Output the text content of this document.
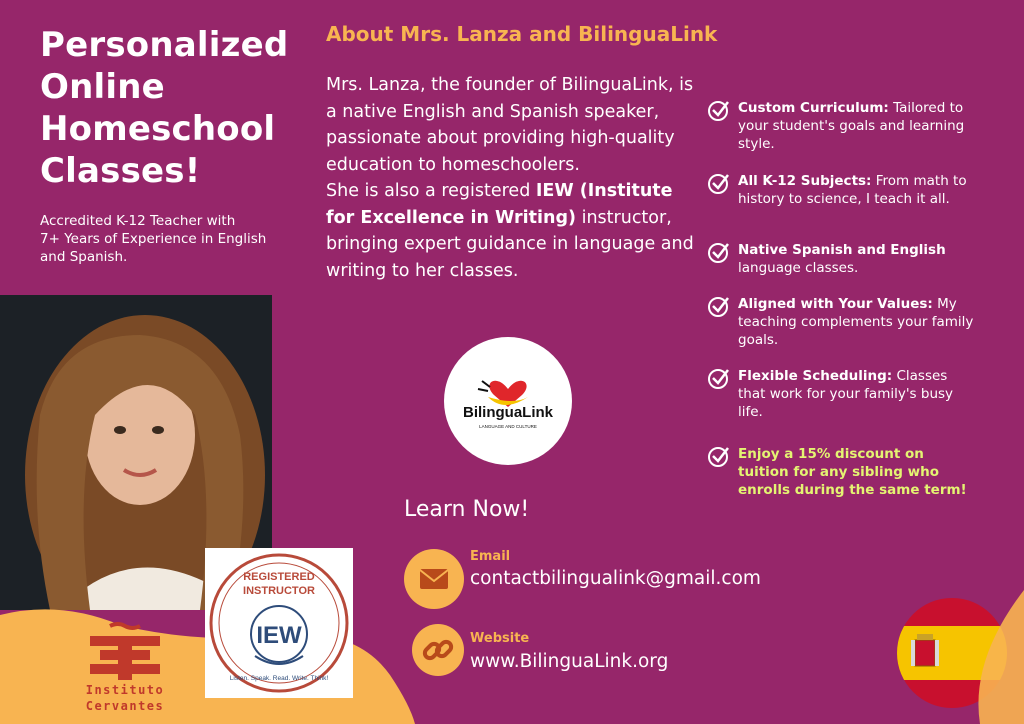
Personalized
Online
Homeschool
Classes!
Accredited K-12 Teacher with
7+ Years of Experience in English
and Spanish.
Instituto
Cervantes
REGISTERED
INSTRUCTOR
IEW
Listen. Speak. Read. Write. Think!
About Mrs. Lanza and BilinguaLink
Mrs. Lanza, the founder of BilinguaLink, is a native English and Spanish speaker, passionate about providing high-quality education to homeschoolers.
She is also a registered IEW (Institute for Excellence in Writing) instructor, bringing expert guidance in language and writing to her classes.
BilinguaLink
LANGUAGE AND CULTURE
Custom Curriculum: Tailored to your student's goals and learning style.
All K-12 Subjects: From math to history to science, I teach it all.
Native Spanish and English language classes.
Aligned with Your Values: My teaching complements your family goals.
Flexible Scheduling: Classes that work for your family's busy life.
Enjoy a 15% discount on tuition for any sibling who enrolls during the same term!
Learn Now!
Email
contactbilingualink@gmail.com
Website
www.BilinguaLink.org
